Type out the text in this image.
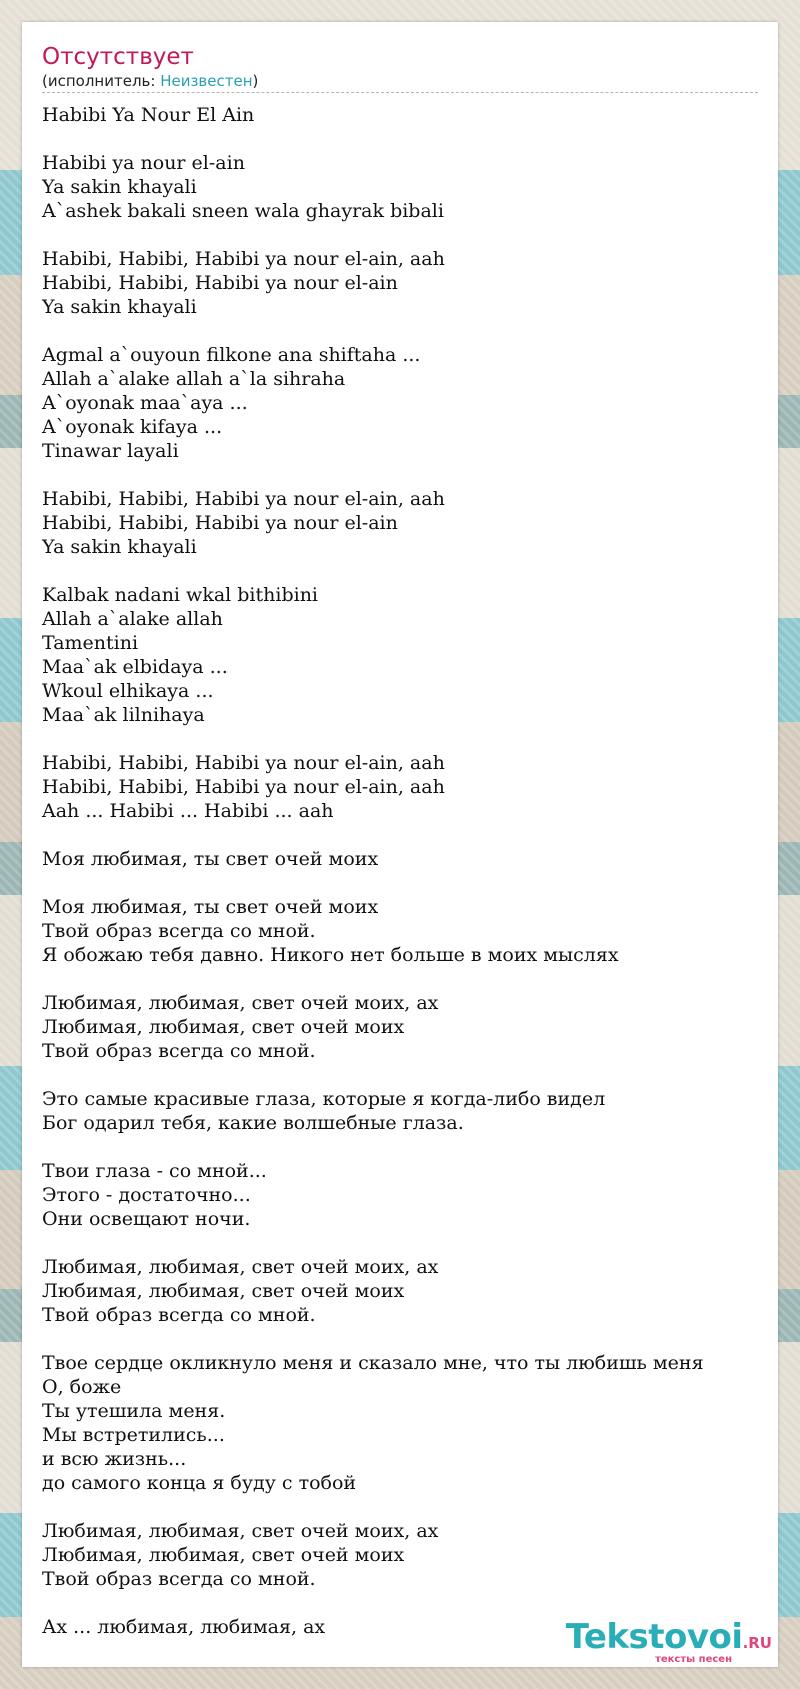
Отсутствует
(исполнитель: Неизвестен)
Habibi Ya Nour El Ain

Habibi ya nour el-ain
Ya sakin khayali
A`ashek bakali sneen wala ghayrak bibali

Habibi, Habibi, Habibi ya nour el-ain, aah
Habibi, Habibi, Habibi ya nour el-ain
Ya sakin khayali

Agmal a`ouyoun filkone ana shiftaha ...
Allah a`alake allah a`la sihraha
A`oyonak maa`aya ...
A`oyonak kifaya ...
Tinawar layali

Habibi, Habibi, Habibi ya nour el-ain, aah
Habibi, Habibi, Habibi ya nour el-ain
Ya sakin khayali

Kalbak nadani wkal bithibini
Allah a`alake allah
Tamentini
Maa`ak elbidaya ...
Wkoul elhikaya ...
Maa`ak lilnihaya

Habibi, Habibi, Habibi ya nour el-ain, aah
Habibi, Habibi, Habibi ya nour el-ain, aah
Aah ... Habibi ... Habibi ... aah

Моя любимая, ты свет очей моих

Моя любимая, ты свет очей моих
Твой образ всегда со мной.
Я обожаю тебя давно. Никого нет больше в моих мыслях

Любимая, любимая, свет очей моих, ах
Любимая, любимая, свет очей моих
Твой образ всегда со мной.

Это самые красивые глаза, которые я когда-либо видел
Бог одарил тебя, какие волшебные глаза.

Твои глаза - со мной...
Этого - достаточно...
Они освещают ночи.

Любимая, любимая, свет очей моих, ах
Любимая, любимая, свет очей моих
Твой образ всегда со мной.

Твое сердце окликнуло меня и сказало мне, что ты любишь меня
О, боже
Ты утешила меня.
Мы встретились...
и всю жизнь...
до самого конца я буду с тобой

Любимая, любимая, свет очей моих, ах
Любимая, любимая, свет очей моих
Твой образ всегда со мной.

Ах ... любимая, любимая, ах	Tekstovoi.RU
тексты песен
